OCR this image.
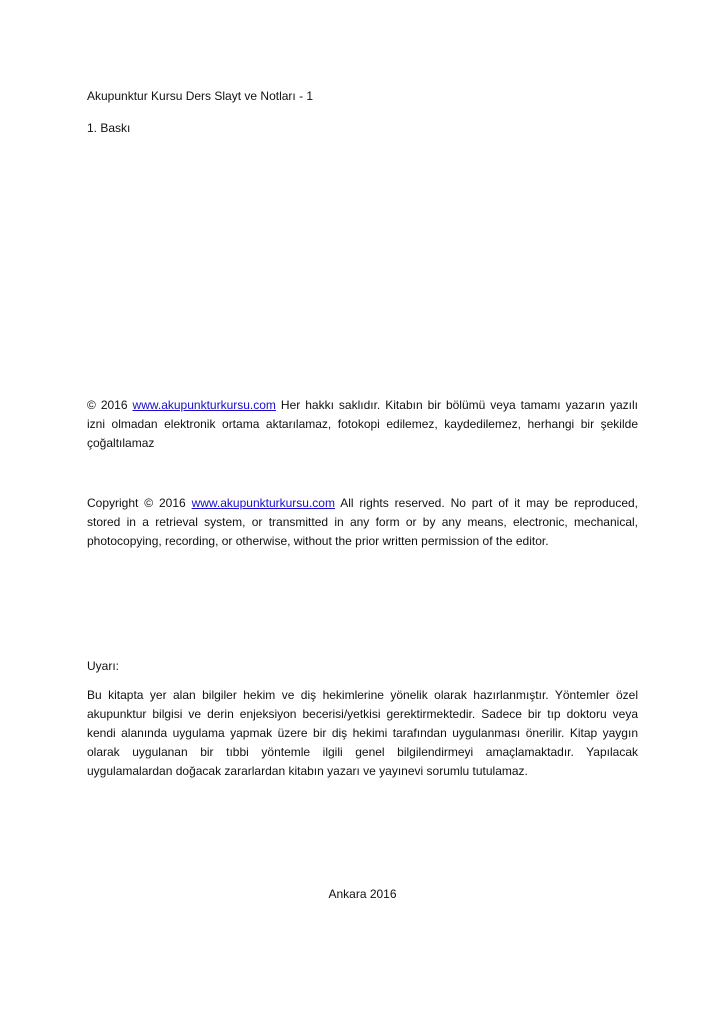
Akupunktur Kursu Ders Slayt ve Notları - 1
1. Baskı
© 2016 www.akupunkturkursu.com Her hakkı saklıdır. Kitabın bir bölümü veya tamamı yazarın yazılı izni olmadan elektronik ortama aktarılamaz, fotokopi edilemez, kaydedilemez, herhangi bir şekilde çoğaltılamaz
Copyright © 2016 www.akupunkturkursu.com All rights reserved. No part of it may be reproduced, stored in a retrieval system, or transmitted in any form or by any means, electronic, mechanical, photocopying, recording, or otherwise, without the prior written permission of the editor.
Uyarı:
Bu kitapta yer alan bilgiler hekim ve diş hekimlerine yönelik olarak hazırlanmıştır. Yöntemler özel akupunktur bilgisi ve derin enjeksiyon becerisi/yetkisi gerektirmektedir. Sadece bir tıp doktoru veya kendi alanında uygulama yapmak üzere bir diş hekimi tarafından uygulanması önerilir. Kitap yaygın olarak uygulanan bir tıbbi yöntemle ilgili genel bilgilendirmeyi amaçlamaktadır. Yapılacak uygulamalardan doğacak zararlardan kitabın yazarı ve yayınevi sorumlu tutulamaz.
Ankara 2016
